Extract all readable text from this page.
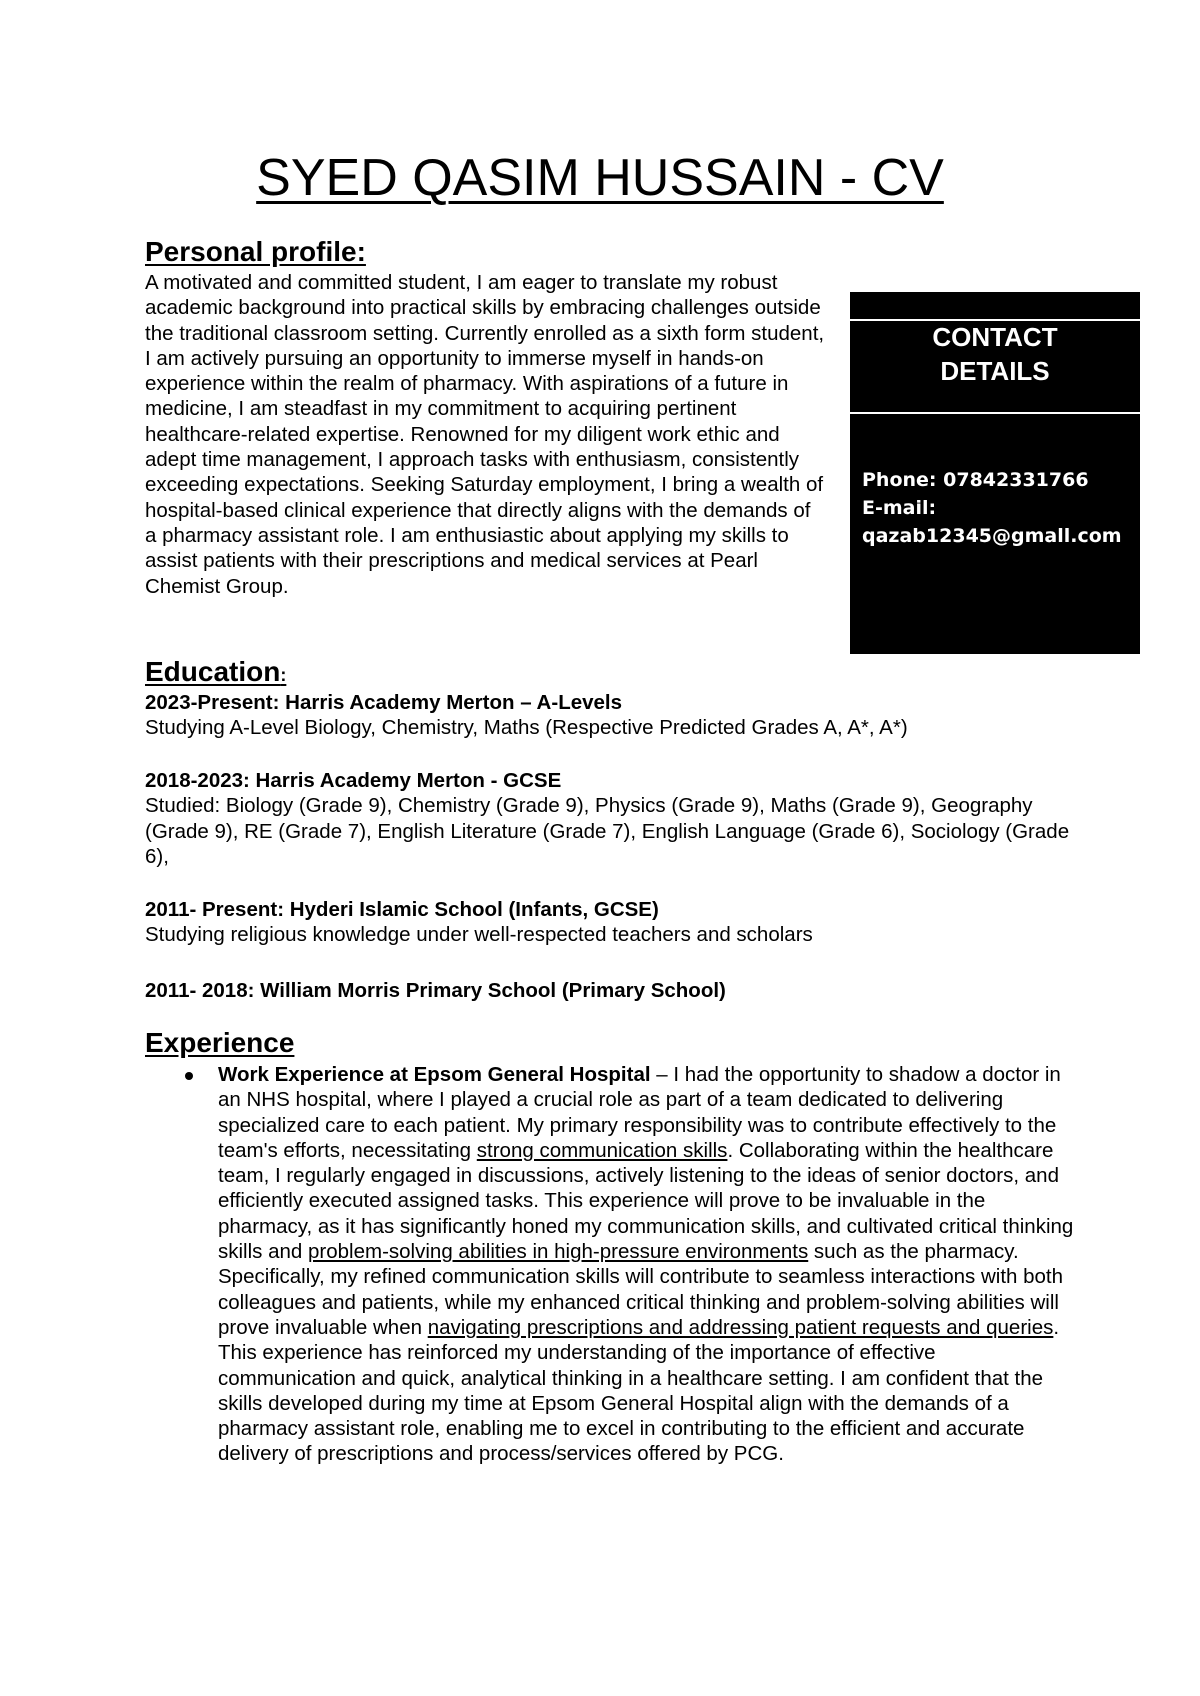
SYED QASIM HUSSAIN - CV
Personal profile:
A motivated and committed student, I am eager to translate my robust academic background into practical skills by embracing challenges outside the traditional classroom setting. Currently enrolled as a sixth form student, I am actively pursuing an opportunity to immerse myself in hands-on experience within the realm of pharmacy. With aspirations of a future in medicine, I am steadfast in my commitment to acquiring pertinent healthcare-related expertise. Renowned for my diligent work ethic and adept time management, I approach tasks with enthusiasm, consistently exceeding expectations. Seeking Saturday employment, I bring a wealth of hospital-based clinical experience that directly aligns with the demands of a pharmacy assistant role. I am enthusiastic about applying my skills to assist patients with their prescriptions and medical services at Pearl Chemist Group.
CONTACT
DETAILS
Phone: 07842331766
E-mail:
qazab12345@gmall.com
Education:
2023-Present: Harris Academy Merton – A-Levels
Studying A-Level Biology, Chemistry, Maths (Respective Predicted Grades A, A*, A*)
2018-2023: Harris Academy Merton - GCSE
Studied: Biology (Grade 9), Chemistry (Grade 9), Physics (Grade 9), Maths (Grade 9), Geography (Grade 9), RE (Grade 7), English Literature (Grade 7), English Language (Grade 6), Sociology (Grade 6),
2011- Present: Hyderi Islamic School (Infants, GCSE)
Studying religious knowledge under well-respected teachers and scholars
2011- 2018: William Morris Primary School (Primary School)
Experience
Work Experience at Epsom General Hospital – I had the opportunity to shadow a doctor in an NHS hospital, where I played a crucial role as part of a team dedicated to delivering specialized care to each patient. My primary responsibility was to contribute effectively to the team's efforts, necessitating strong communication skills. Collaborating within the healthcare team, I regularly engaged in discussions, actively listening to the ideas of senior doctors, and efficiently executed assigned tasks. This experience will prove to be invaluable in the pharmacy, as it has significantly honed my communication skills, and cultivated critical thinking skills and problem-solving abilities in high-pressure environments such as the pharmacy. Specifically, my refined communication skills will contribute to seamless interactions with both colleagues and patients, while my enhanced critical thinking and problem-solving abilities will prove invaluable when navigating prescriptions and addressing patient requests and queries. This experience has reinforced my understanding of the importance of effective communication and quick, analytical thinking in a healthcare setting. I am confident that the skills developed during my time at Epsom General Hospital align with the demands of a pharmacy assistant role, enabling me to excel in contributing to the efficient and accurate delivery of prescriptions and process/services offered by PCG.
